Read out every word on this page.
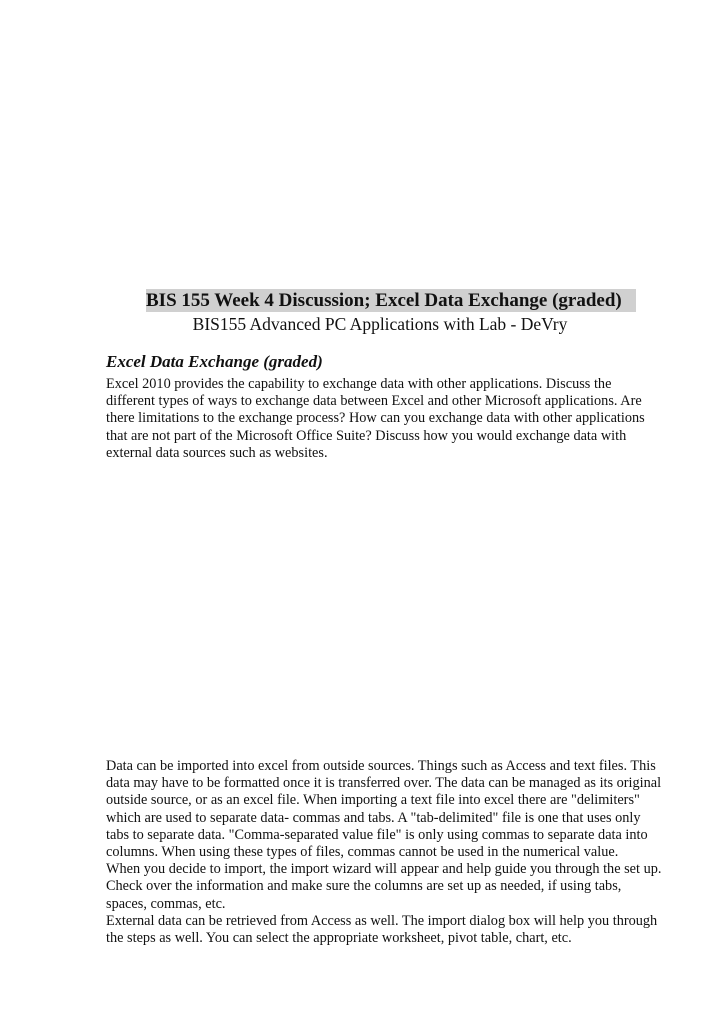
BIS 155 Week 4 Discussion; Excel Data Exchange (graded)
BIS155 Advanced PC Applications with Lab - DeVry
Excel Data Exchange (graded)
Excel 2010 provides the capability to exchange data with other applications. Discuss the
different types of ways to exchange data between Excel and other Microsoft applications. Are
there limitations to the exchange process? How can you exchange data with other applications
that are not part of the Microsoft Office Suite? Discuss how you would exchange data with
external data sources such as websites.
Data can be imported into excel from outside sources. Things such as Access and text files. This
data may have to be formatted once it is transferred over. The data can be managed as its original
outside source, or as an excel file. When importing a text file into excel there are "delimiters"
which are used to separate data- commas and tabs. A "tab-delimited" file is one that uses only
tabs to separate data. "Comma-separated value file" is only using commas to separate data into
columns. When using these types of files, commas cannot be used in the numerical value.
When you decide to import, the import wizard will appear and help guide you through the set up.
Check over the information and make sure the columns are set up as needed, if using tabs,
spaces, commas, etc.
External data can be retrieved from Access as well. The import dialog box will help you through
the steps as well. You can select the appropriate worksheet, pivot table, chart, etc.
